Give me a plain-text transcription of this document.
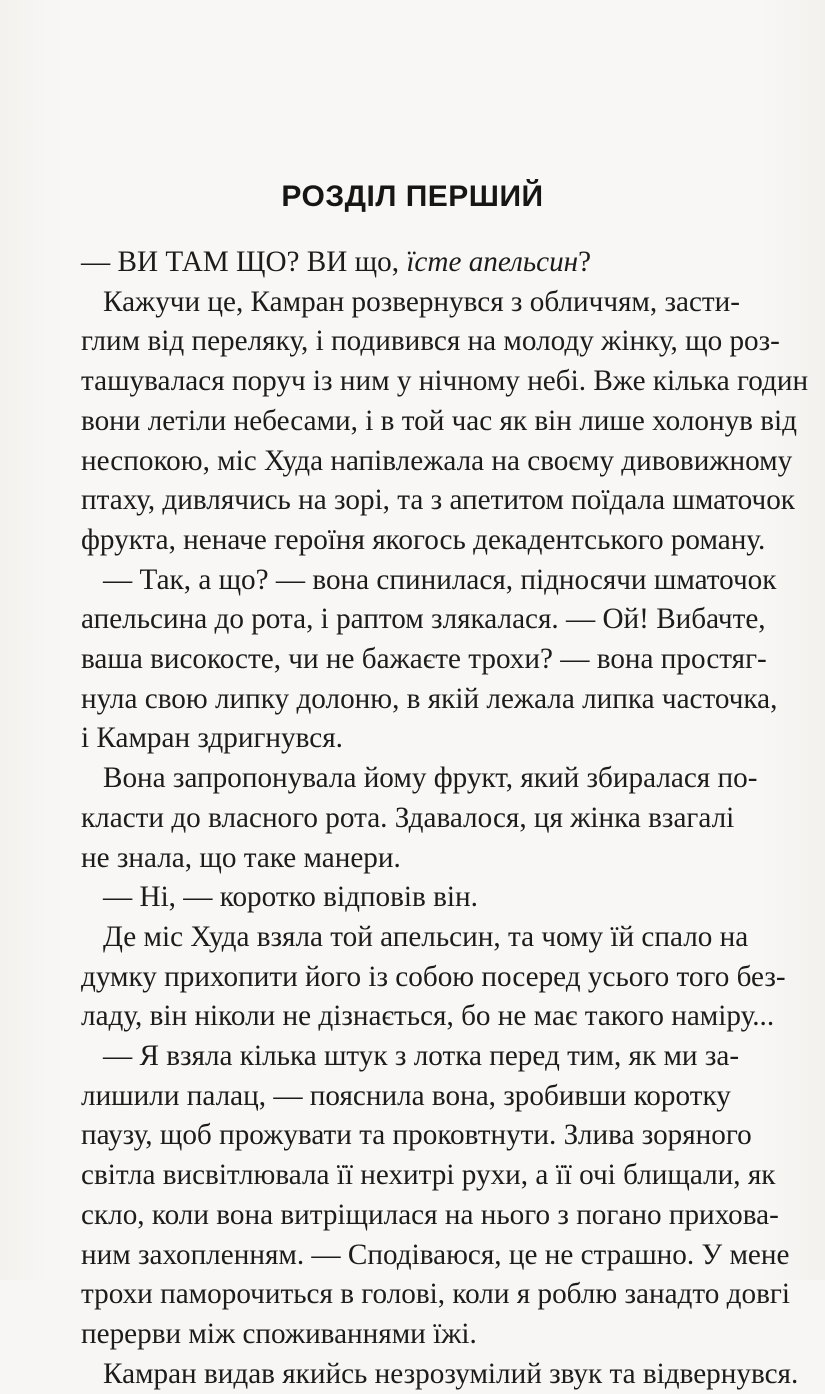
РОЗДІЛ ПЕРШИЙ
— ВИ ТАМ ЩО? ВИ що, їсте апельсин?
Кажучи це, Камран розвернувся з обличчям, засти-
глим від переляку, і подивився на молоду жінку, що роз-
ташувалася поруч із ним у нічному небі. Вже кілька годин
вони летіли небесами, і в той час як він лише холонув від
неспокою, міс Худа напівлежала на своєму дивовижному
птаху, дивлячись на зорі, та з апетитом поїдала шматочок
фрукта, неначе героїня якогось декадентського роману.
— Так, а що? — вона спинилася, підносячи шматочок
апельсина до рота, і раптом злякалася. — Ой! Вибачте,
ваша високосте, чи не бажаєте трохи? — вона простяг-
нула свою липку долоню, в якій лежала липка часточка,
і Камран здригнувся.
Вона запропонувала йому фрукт, який збиралася по-
класти до власного рота. Здавалося, ця жінка взагалі
не знала, що таке манери.
— Ні, — коротко відповів він.
Де міс Худа взяла той апельсин, та чому їй спало на
думку прихопити його із собою посеред усього того без-
ладу, він ніколи не дізнається, бо не має такого наміру...
— Я взяла кілька штук з лотка перед тим, як ми за-
лишили палац, — пояснила вона, зробивши коротку
паузу, щоб прожувати та проковтнути. Злива зоряного
світла висвітлювала її нехитрі рухи, а її очі блищали, як
скло, коли вона витріщилася на нього з погано прихова-
ним захопленням. — Сподіваюся, це не страшно. У мене
трохи паморочиться в голові, коли я роблю занадто довгі
перерви між споживаннями їжі.
Камран видав якийсь незрозумілий звук та відвернувся.
